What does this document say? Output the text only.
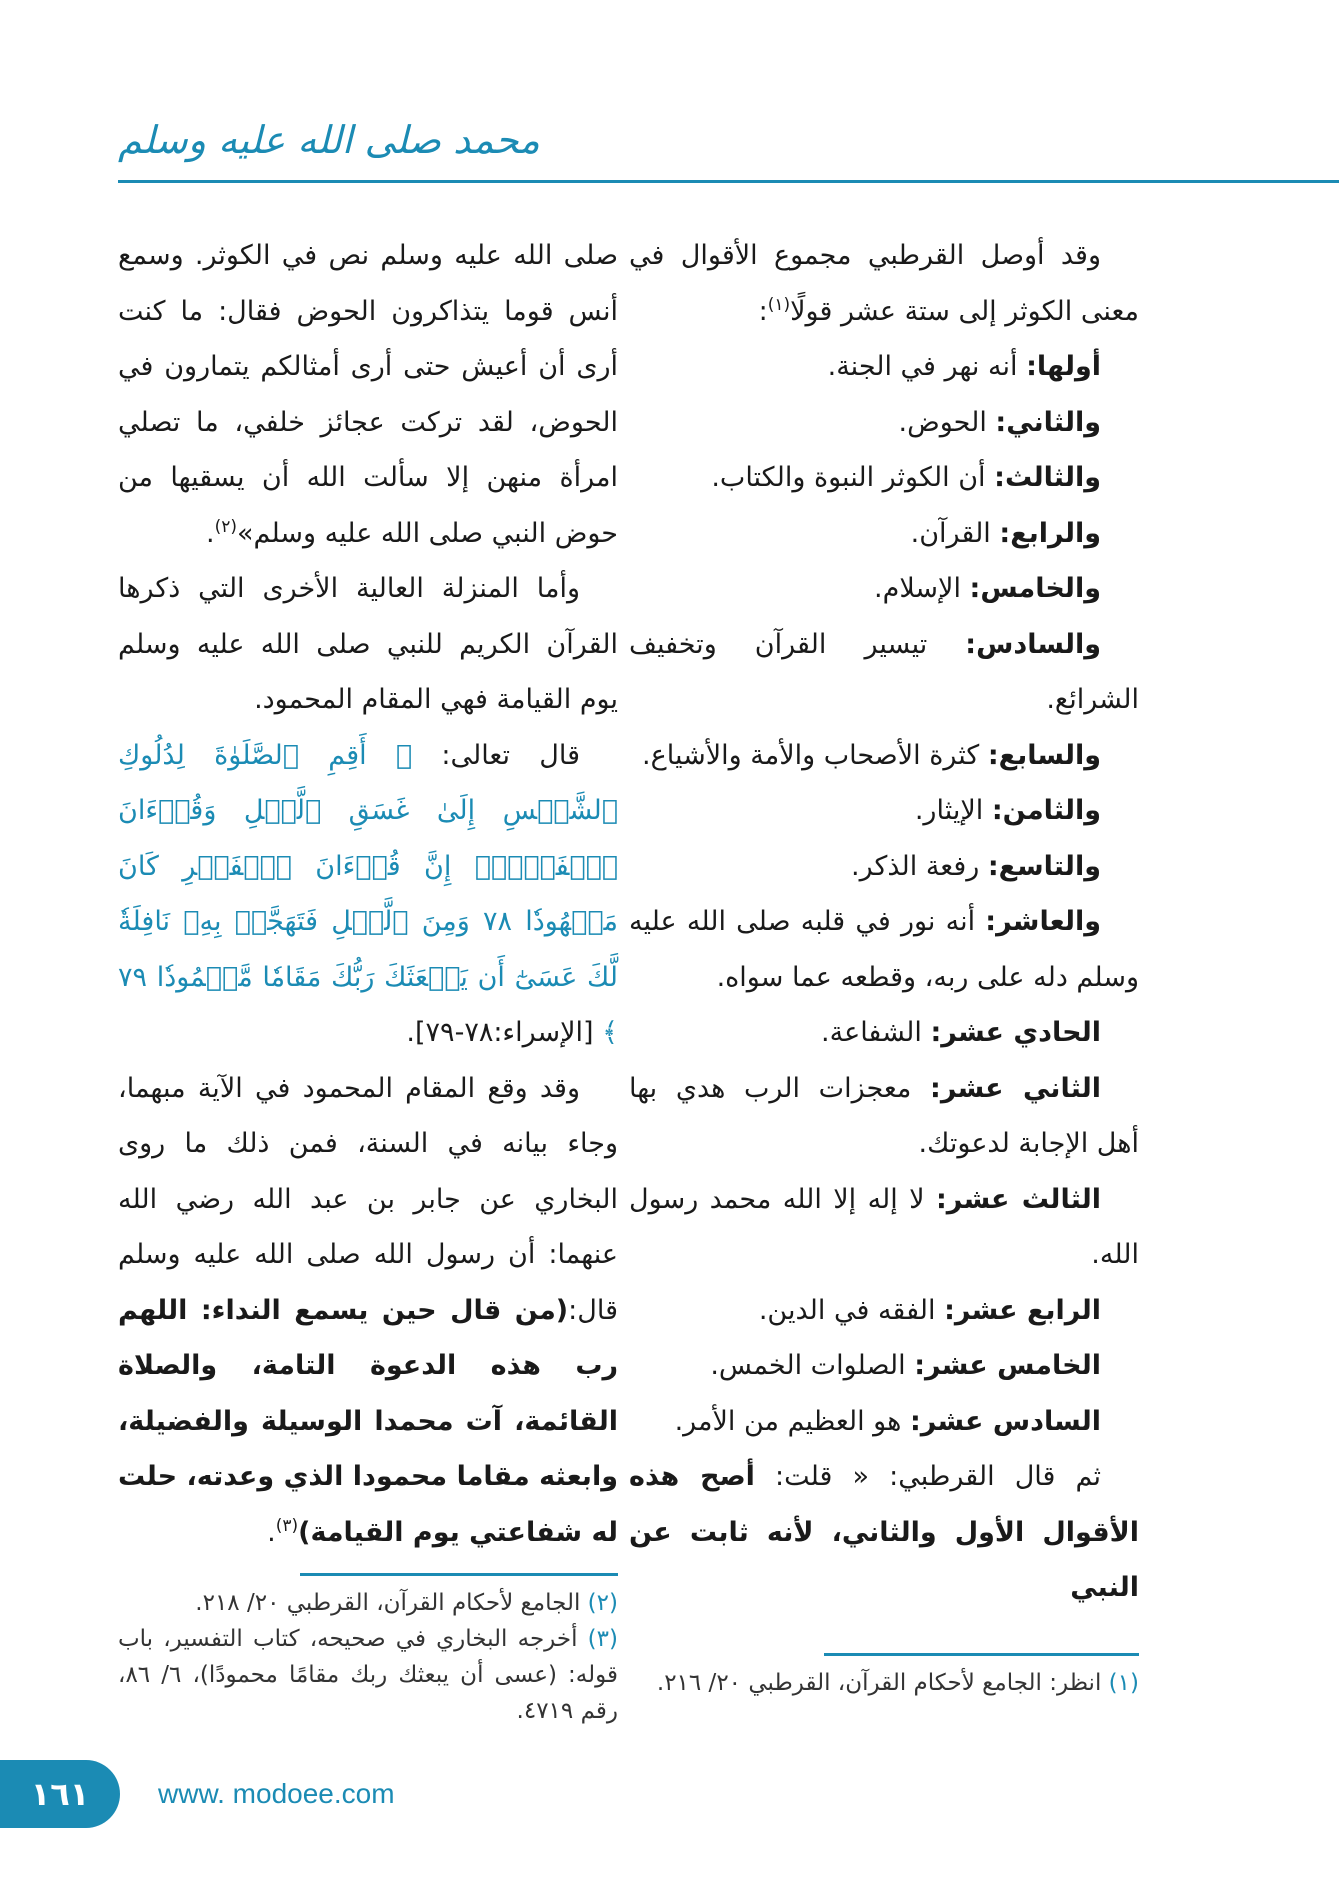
محمد صلى الله عليه وسلم

وقد أوصل القرطبي مجموع الأقوال في معنى الكوثر إلى ستة عشر قولًا$^{(١)}$:

أولها: أنه نهر في الجنة.

والثاني: الحوض.

والثالث: أن الكوثر النبوة والكتاب.

والرابع: القرآن.

والخامس: الإسلام.

والسادس: تيسير القرآن وتخفيف الشرائع.

والسابع: كثرة الأصحاب والأمة والأشياع.

والثامن: الإيثار.

والتاسع: رفعة الذكر.

والعاشر: أنه نور في قلبه صلى الله عليه وسلم دله على ربه، وقطعه عما سواه.

الحادي عشر: الشفاعة.

الثاني عشر: معجزات الرب هدي بها أهل الإجابة لدعوتك.

الثالث عشر: لا إله إلا الله محمد رسول الله.

الرابع عشر: الفقه في الدين.

الخامس عشر: الصلوات الخمس.

السادس عشر: هو العظيم من الأمر.

ثم قال القرطبي: « قلت: أصح هذه الأقوال الأول والثاني، لأنه ثابت عن النبي

صلى الله عليه وسلم نص في الكوثر. وسمع أنس قوما يتذاكرون الحوض فقال: ما كنت أرى أن أعيش حتى أرى أمثالكم يتمارون في الحوض، لقد تركت عجائز خلفي، ما تصلي امرأة منهن إلا سألت الله أن يسقيها من حوض النبي صلى الله عليه وسلم»$^{(٢)}$.

وأما المنزلة العالية الأخرى التي ذكرها القرآن الكريم للنبي صلى الله عليه وسلم يوم القيامة فهي المقام المحمود.

قال تعالى: ﴿ أَقِمِ ٱلصَّلَوٰةَ لِدُلُوكِ ٱلشَّمۡسِ إِلَىٰ غَسَقِ ٱلَّيۡلِ وَقُرۡءَانَ ٱلۡفَجۡرِۖ إِنَّ قُرۡءَانَ ٱلۡفَجۡرِ كَانَ مَشۡهُودٗا ٧٨ وَمِنَ ٱلَّيۡلِ فَتَهَجَّدۡ بِهِۦ نَافِلَةٗ لَّكَ عَسَىٰٓ أَن يَبۡعَثَكَ رَبُّكَ مَقَامٗا مَّحۡمُودٗا ٧٩ ﴾ [الإسراء:٧٨-٧٩].

وقد وقع المقام المحمود في الآية مبهما، وجاء بيانه في السنة، فمن ذلك ما روى البخاري عن جابر بن عبد الله رضي الله عنهما: أن رسول الله صلى الله عليه وسلم قال:(من قال حين يسمع النداء: اللهم رب هذه الدعوة التامة، والصلاة القائمة، آت محمدا الوسيلة والفضيلة، وابعثه مقاما محمودا الذي وعدته، حلت له شفاعتي يوم القيامة)$^{(٣)}$.

(٢) الجامع لأحكام القرآن، القرطبي ٢٠/ ٢١٨.

(٣) أخرجه البخاري في صحيحه، كتاب التفسير، باب قوله: (عسى أن يبعثك ربك مقامًا محمودًا)، ٦/ ٨٦، رقم ٤٧١٩.

(١) انظر: الجامع لأحكام القرآن، القرطبي ٢٠/ ٢١٦.

١٦١ www. modoee.com
